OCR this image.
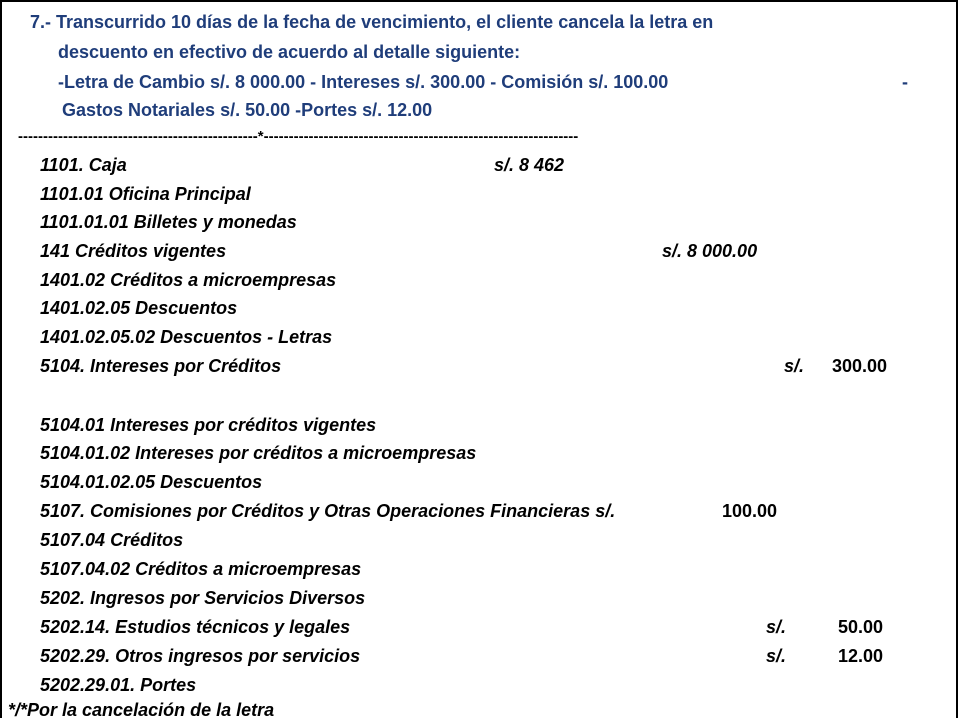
7.- Transcurrido 10 días de la fecha de vencimiento, el cliente cancela la letra en
descuento en efectivo de acuerdo al detalle siguiente:
-Letra de Cambio s/. 8 000.00 - Intereses s/. 300.00 - Comisión s/. 100.00
Gastos Notariales s/. 50.00 -Portes s/. 12.00
-
------------------------------------------------*---------------------------------------------------------------
1101. Caja	s/. 8 462
1101.01 Oficina Principal
1101.01.01 Billetes y monedas
141 Créditos vigentes	s/. 8 000.00
1401.02 Créditos a microempresas
1401.02.05 Descuentos
1401.02.05.02 Descuentos - Letras
5104. Intereses por Créditos	s/. 300.00
5104.01 Intereses por créditos vigentes
5104.01.02 Intereses por créditos a microempresas
5104.01.02.05 Descuentos
5107. Comisiones por Créditos y Otras Operaciones Financieras s/.	100.00
5107.04 Créditos
5107.04.02 Créditos a microempresas
5202. Ingresos por Servicios Diversos
5202.14. Estudios técnicos y legales	s/.	50.00
5202.29. Otros ingresos por servicios	s/.	12.00
5202.29.01. Portes
*/*Por la cancelación de la letra
